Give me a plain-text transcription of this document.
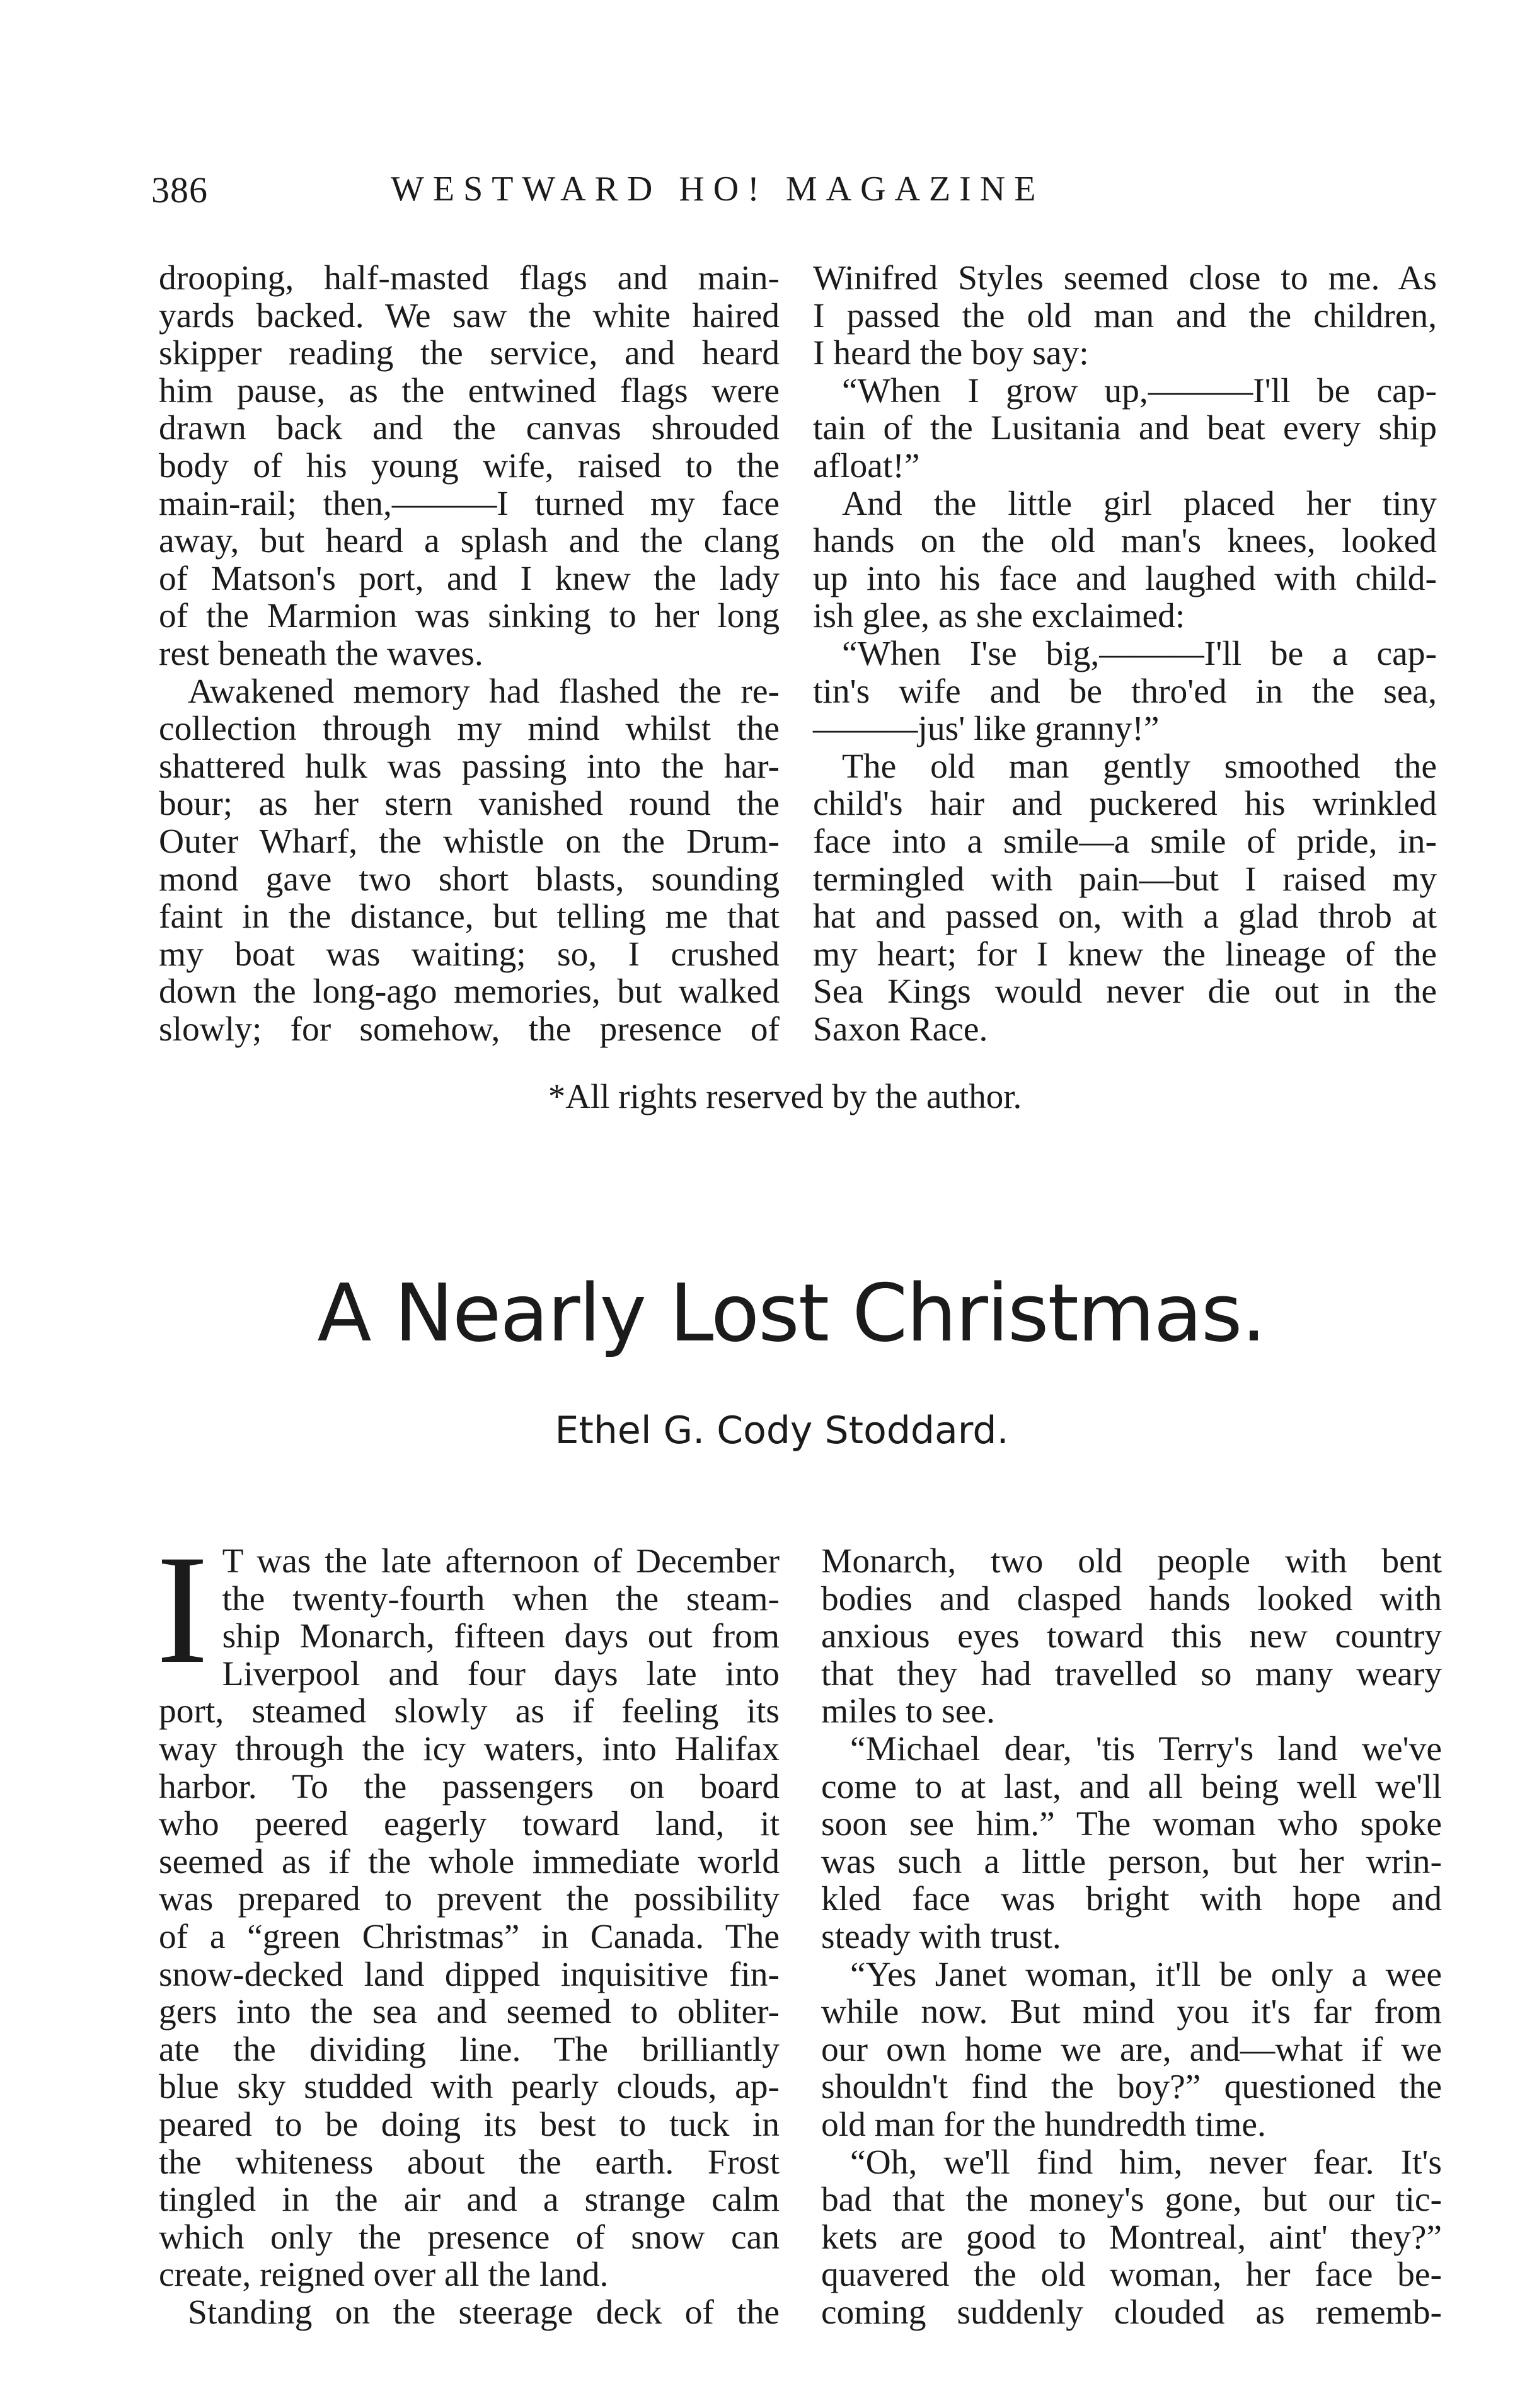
386	WESTWARD HO! MAGAZINE
drooping, half-masted flags and main-
yards backed. We saw the white haired
skipper reading the service, and heard
him pause, as the entwined flags were
drawn back and the canvas shrouded
body of his young wife, raised to the
main-rail; then,———I turned my face
away, but heard a splash and the clang
of Matson's port, and I knew the lady
of the Marmion was sinking to her long
rest beneath the waves.
Awakened memory had flashed the re-
collection through my mind whilst the
shattered hulk was passing into the har-
bour; as her stern vanished round the
Outer Wharf, the whistle on the Drum-
mond gave two short blasts, sounding
faint in the distance, but telling me that
my boat was waiting; so, I crushed
down the long-ago memories, but walked
slowly; for somehow, the presence of
Winifred Styles seemed close to me. As
I passed the old man and the children,
I heard the boy say:
“When I grow up,———I'll be cap-
tain of the Lusitania and beat every ship
afloat!”
And the little girl placed her tiny
hands on the old man's knees, looked
up into his face and laughed with child-
ish glee, as she exclaimed:
“When I'se big,———I'll be a cap-
tin's wife and be thro'ed in the sea,
———jus' like granny!”
The old man gently smoothed the
child's hair and puckered his wrinkled
face into a smile—a smile of pride, in-
termingled with pain—but I raised my
hat and passed on, with a glad throb at
my heart; for I knew the lineage of the
Sea Kings would never die out in the
Saxon Race.
*All rights reserved by the author.
A Nearly Lost Christmas.
Ethel G. Cody Stoddard.
I T was the late afternoon of December
the twenty-fourth when the steam-
ship Monarch, fifteen days out from
Liverpool and four days late into
port, steamed slowly as if feeling its
way through the icy waters, into Halifax
harbor. To the passengers on board
who peered eagerly toward land, it
seemed as if the whole immediate world
was prepared to prevent the possibility
of a “green Christmas” in Canada. The
snow-decked land dipped inquisitive fin-
gers into the sea and seemed to obliter-
ate the dividing line. The brilliantly
blue sky studded with pearly clouds, ap-
peared to be doing its best to tuck in
the whiteness about the earth. Frost
tingled in the air and a strange calm
which only the presence of snow can
create, reigned over all the land.
Standing on the steerage deck of the
Monarch, two old people with bent
bodies and clasped hands looked with
anxious eyes toward this new country
that they had travelled so many weary
miles to see.
“Michael dear, 'tis Terry's land we've
come to at last, and all being well we'll
soon see him.” The woman who spoke
was such a little person, but her wrin-
kled face was bright with hope and
steady with trust.
“Yes Janet woman, it'll be only a wee
while now. But mind you it's far from
our own home we are, and—what if we
shouldn't find the boy?” questioned the
old man for the hundredth time.
“Oh, we'll find him, never fear. It's
bad that the money's gone, but our tic-
kets are good to Montreal, aint' they?”
quavered the old woman, her face be-
coming suddenly clouded as rememb-
